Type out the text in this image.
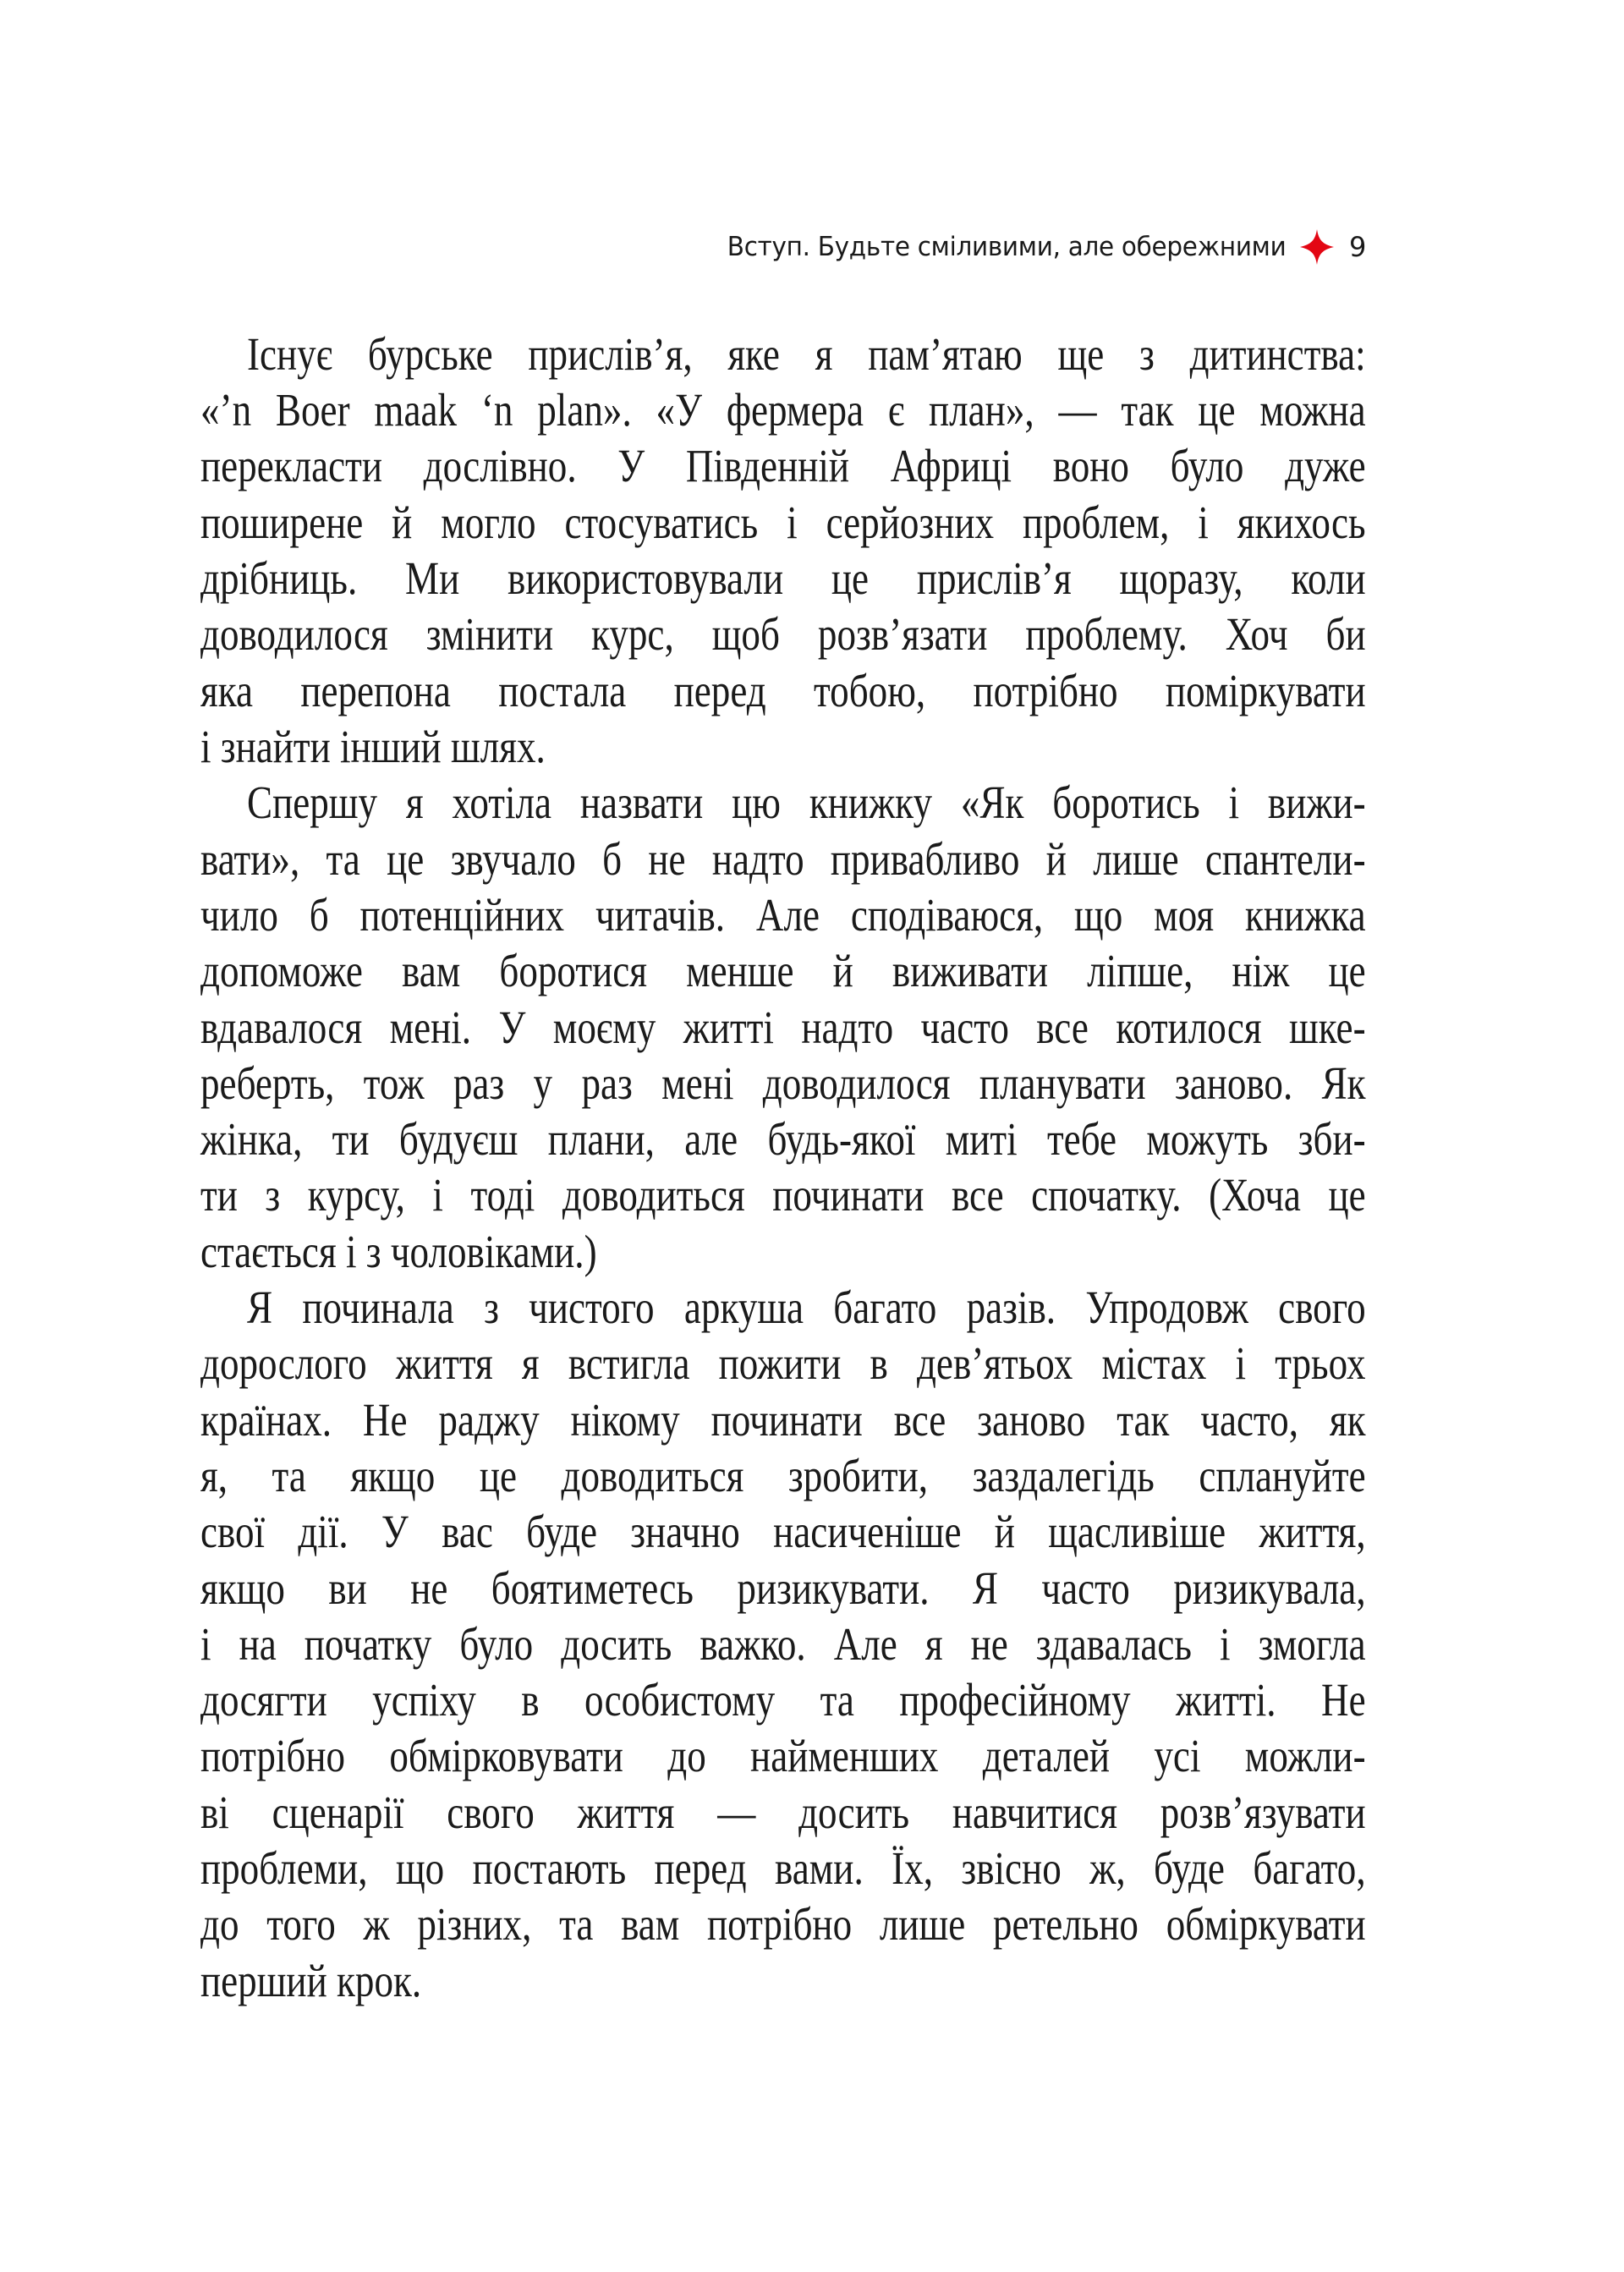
Вступ. Будьте сміливими, але обережними 9
Існує бурське прислів’я, яке я пам’ятаю ще з дитинства:
«’n Boer maak ‘n plan». «У фермера є план», — так це можна
перекласти дослівно. У Південній Африці воно було дуже
поширене й могло стосуватись і серйозних проблем, і якихось
дрібниць. Ми використовували це прислів’я щоразу, коли
доводилося змінити курс, щоб розв’язати проблему. Хоч би
яка перепона постала перед тобою, потрібно поміркувати
і знайти інший шлях.
Спершу я хотіла назвати цю книжку «Як боротись і вижи-
вати», та це звучало б не надто привабливо й лише спантели-
чило б потенційних читачів. Але сподіваюся, що моя книжка
допоможе вам боротися менше й виживати ліпше, ніж це
вдавалося мені. У моєму житті надто часто все котилося шке-
реберть, тож раз у раз мені доводилося планувати заново. Як
жінка, ти будуєш плани, але будь-якої миті тебе можуть зби-
ти з курсу, і тоді доводиться починати все спочатку. (Хоча це
стається і з чоловіками.)
Я починала з чистого аркуша багато разів. Упродовж свого
дорослого життя я встигла пожити в дев’ятьох містах і трьох
країнах. Не раджу нікому починати все заново так часто, як
я, та якщо це доводиться зробити, заздалегідь сплануйте
свої дії. У вас буде значно насиченіше й щасливіше життя,
якщо ви не боятиметесь ризикувати. Я часто ризикувала,
і на початку було досить важко. Але я не здавалась і змогла
досягти успіху в особистому та професійному житті. Не
потрібно обмірковувати до найменших деталей усі можли-
ві сценарії свого життя — досить навчитися розв’язувати
проблеми, що постають перед вами. Їх, звісно ж, буде багато,
до того ж різних, та вам потрібно лише ретельно обміркувати
перший крок.
